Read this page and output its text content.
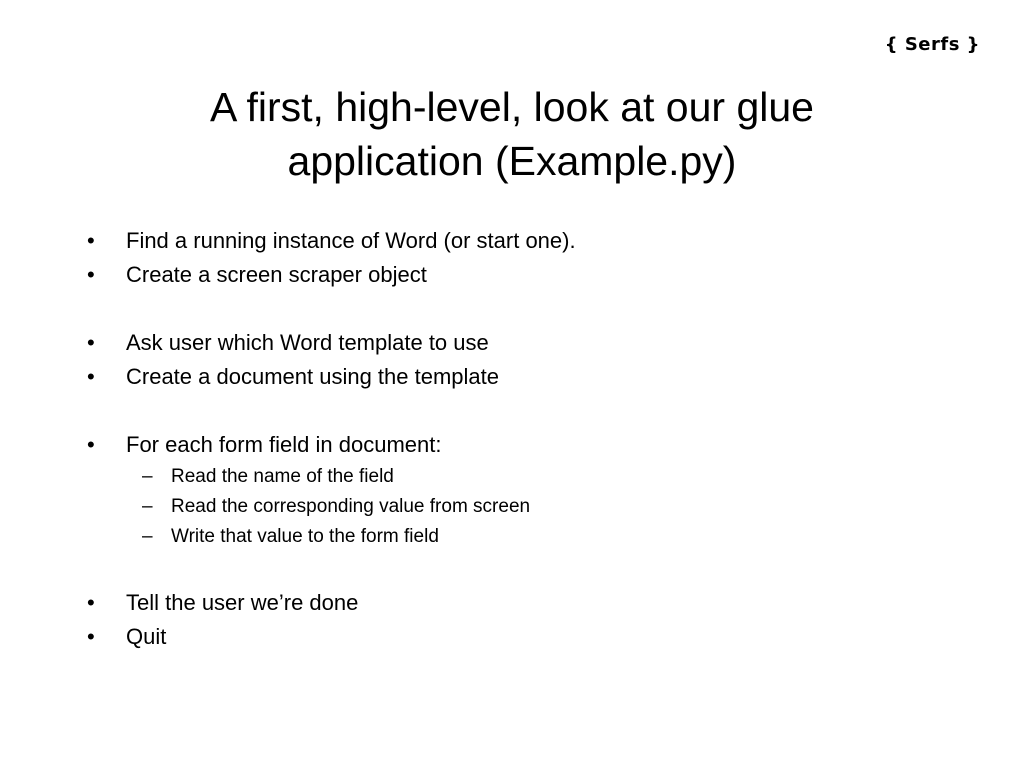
{ Serfs }
A first, high-level, look at our glue
application (Example.py)
• Find a running instance of Word (or start one).
• Create a screen scraper object
• Ask user which Word template to use
• Create a document using the template
• For each form field in document:
– Read the name of the field
– Read the corresponding value from screen
– Write that value to the form field
• Tell the user we’re done
• Quit
